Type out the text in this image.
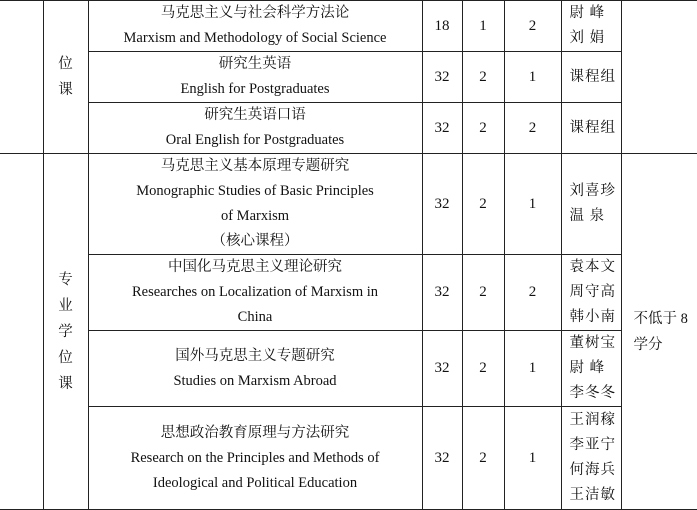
	位课	马克思主义与社会科学方法论
Marxism and Methodology of Social Science	18	1	2	尉 峰
刘 娟		

		研究生英语
English for Postgraduates	32	2	1	课程组		

		研究生英语口语
Oral English for Postgraduates	32	2	2	课程组		

	专业学位课	马克思主义基本原理专题研究
Monographic Studies of Basic Principles of Marxism
（核心课程）	32	2	1	刘喜珍
温 泉	不低于 8 学分	

		中国化马克思主义理论研究
Researches on Localization of Marxism in China	32	2	2	袁本文
周守高
韩小南		

		国外马克思主义专题研究
Studies on Marxism Abroad	32	2	1	董树宝
尉 峰
李冬冬		

		思想政治教育原理与方法研究
Research on the Principles and Methods of Ideological and Political Education	32	2	1	王润稼
李亚宁
何海兵
王洁敏		
